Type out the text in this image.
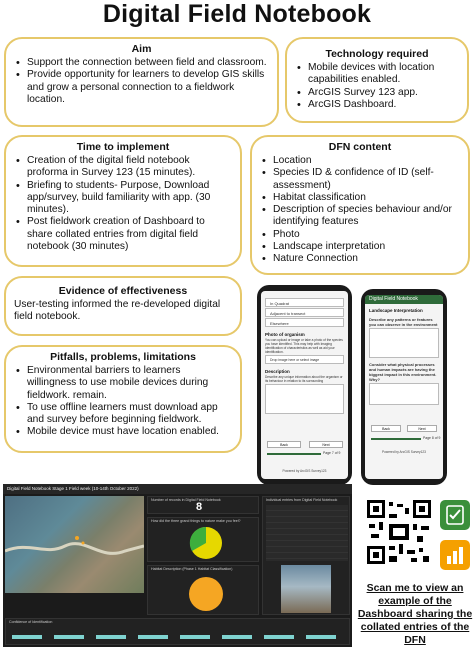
Digital Field Notebook
Aim
• Support the connection between field and classroom.
• Provide opportunity for learners to develop GIS skills and grow a personal connection to a fieldwork location.
Technology required
• Mobile devices with location capabilities enabled.
• ArcGIS Survey 123 app.
• ArcGIS Dashboard.
Time to implement
• Creation of the digital field notebook proforma in Survey 123 (15 minutes).
• Briefing to students- Purpose, Download app/survey, build familiarity with app. (30 minutes).
• Post fieldwork creation of Dashboard to share collated entries from digital field notebook (30 minutes)
DFN content
• Location
• Species ID & confidence of ID (self-assessment)
• Habitat classification
• Description of species behaviour and/or identifying features
• Photo
• Landscape interpretation
• Nature Connection
Evidence of effectiveness

User-testing informed the re-developed digital field notebook.

Pitfalls, problems, limitations
• Environmental barriers to learners willingness to use mobile devices during fieldwork. remain.
• To use offline learners must download app and survey before beginning fieldwork.
• Mobile device must have location enabled.
In Quadrat
Adjacent to transect
Elsewhere
Photo of organism
You can upload or image or take a photo of the species you have identified. This may help with Imaging identification of characteristics as well as aid your identification.
Drop image here or select image
Description
Describe any unique information about the organism or its behaviour in relation to its surrounding
Back	Next
Page 7 of 9
Powered by ArcGIS Survey123
Digital Field Notebook
Landscape Interpretation
Describe any patterns or features you can observe in the environment
Consider what physical processes and human impacts are having the biggest impact in this environment. Why?
Back	Next
Page 8 of 9
Powered by ArcGIS Survey123
Digital Field Notebook Stage 1 Field week (10-14th October 2022)
Number of records in Digital Field Notebook
8
How did the three grand things to nature make you feel?
Habitat Description (Phase 1 Habitat Classification)
Individual entries from Digital Field Notebook
Confidence of Identification
Scan me to view an example of the Dashboard sharing the collated entries of the DFN
